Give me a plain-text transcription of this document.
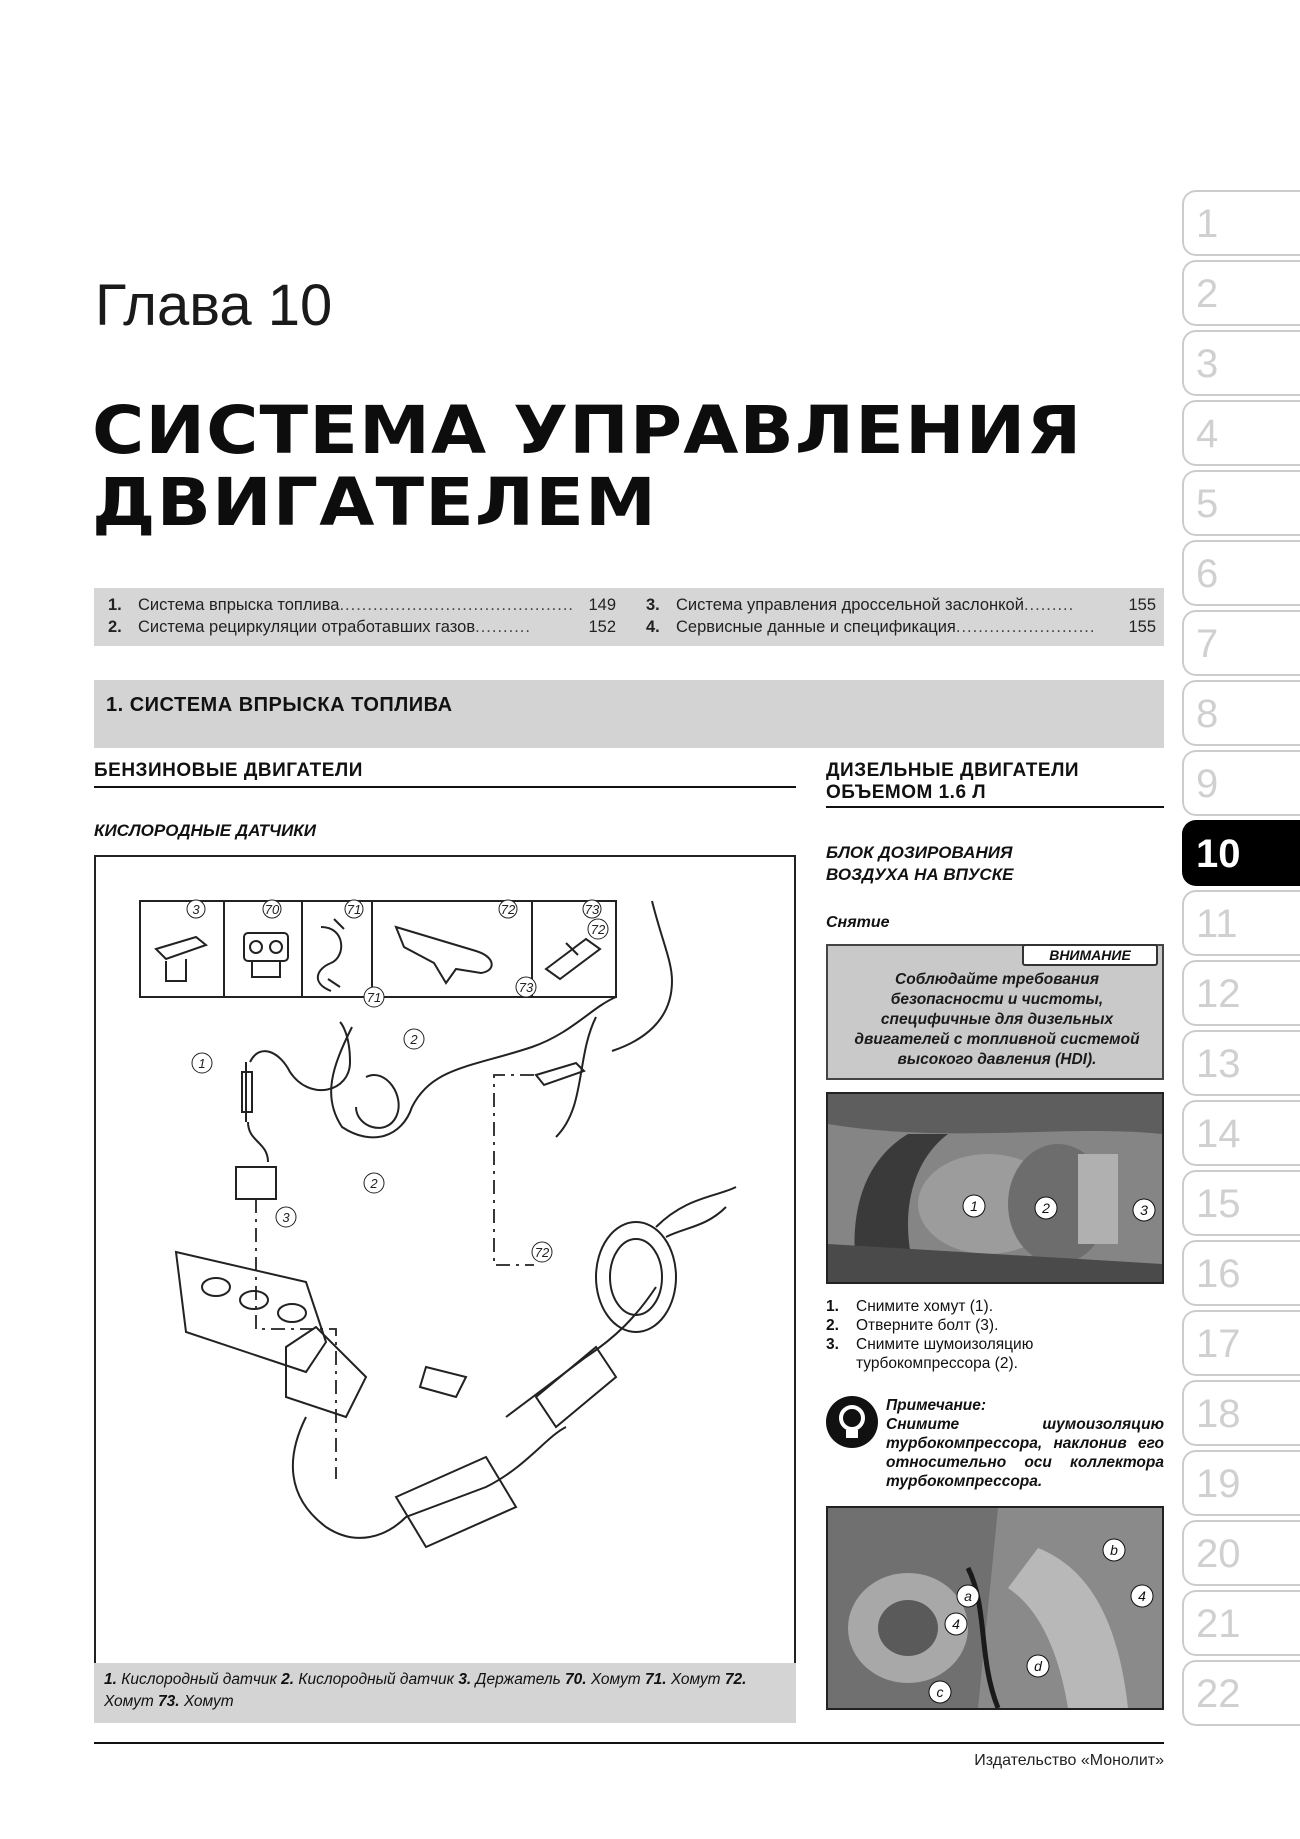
Глава 10
СИСТЕМА УПРАВЛЕНИЯ
ДВИГАТЕЛЕМ
1. Система впрыска топлива .......................................... 149
2. Система рециркуляции отработавших газов ..........	152
3. Система управления дроссельной заслонкой .........	155
4. Сервисные данные и спецификация .........................	155
1. СИСТЕМА ВПРЫСКА ТОПЛИВА
БЕНЗИНОВЫЕ ДВИГАТЕЛИ
КИСЛОРОДНЫЕ ДАТЧИКИ
3	70	71	72	73
1
2
3
71
73
72
2
3
72
1. Кислородный датчик 2. Кислородный датчик 3. Держатель 70. Хомут 71. Хомут 72. Хомут 73. Хомут
ДИЗЕЛЬНЫЕ ДВИГАТЕЛИ
ОБЪЕМОМ 1.6 Л
БЛОК ДОЗИРОВАНИЯ
ВОЗДУХА НА ВПУСКЕ
Снятие
ВНИМАНИЕ
Соблюдайте требования безопасности и чистоты, специфичные для дизельных двигателей с топливной системой высокого давления (HDI).
1	2	3
1.	Снимите хомут (1).
2.	Отверните болт (3).
3.	Снимите шумоизоляцию турбокомпрессора (2).
Примечание:
Снимите шумоизоляцию турбокомпрессора, наклонив его относительно оси коллектора турбокомпрессора.
b
a
4
4
d
c
1
2
3
4
5
6
7
8
9
10
11
12
13
14
15
16
17
18
19
20
21
22
Издательство «Монолит»
